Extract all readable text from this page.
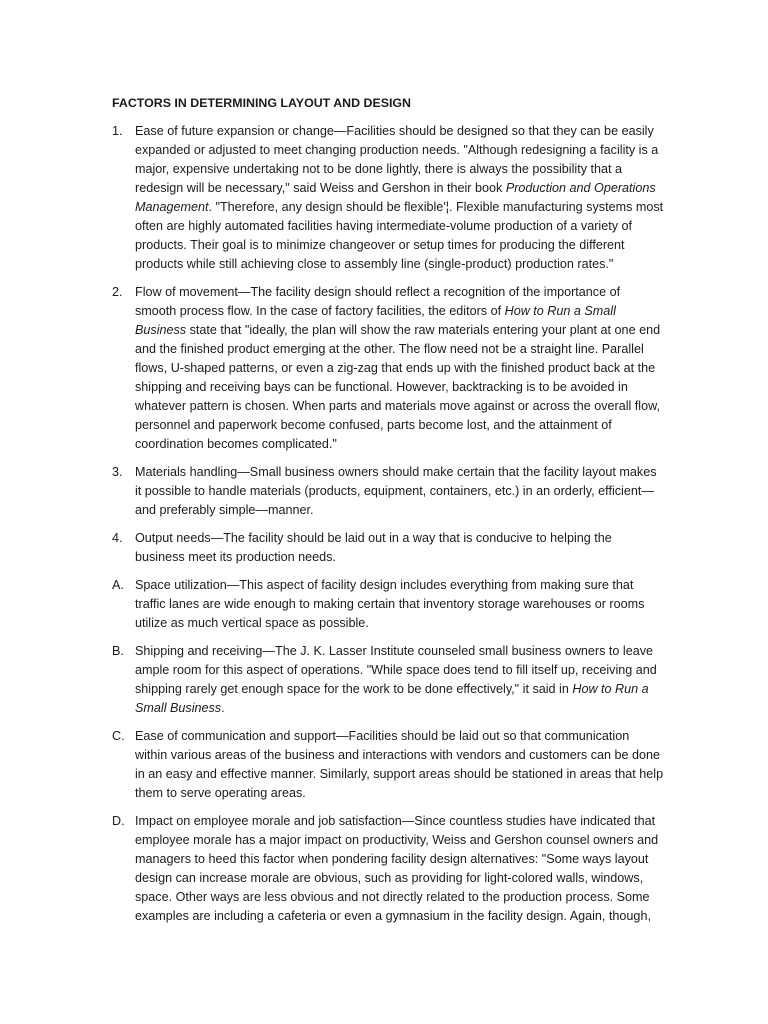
FACTORS IN DETERMINING LAYOUT AND DESIGN
1. Ease of future expansion or change—Facilities should be designed so that they can be easily expanded or adjusted to meet changing production needs. "Although redesigning a facility is a major, expensive undertaking not to be done lightly, there is always the possibility that a redesign will be necessary," said Weiss and Gershon in their book Production and Operations Management. "Therefore, any design should be flexible'¦. Flexible manufacturing systems most often are highly automated facilities having intermediate-volume production of a variety of products. Their goal is to minimize changeover or setup times for producing the different products while still achieving close to assembly line (single-product) production rates."
2. Flow of movement—The facility design should reflect a recognition of the importance of smooth process flow. In the case of factory facilities, the editors of How to Run a Small Business state that "ideally, the plan will show the raw materials entering your plant at one end and the finished product emerging at the other. The flow need not be a straight line. Parallel flows, U-shaped patterns, or even a zig-zag that ends up with the finished product back at the shipping and receiving bays can be functional. However, backtracking is to be avoided in whatever pattern is chosen. When parts and materials move against or across the overall flow, personnel and paperwork become confused, parts become lost, and the attainment of coordination becomes complicated."
3. Materials handling—Small business owners should make certain that the facility layout makes it possible to handle materials (products, equipment, containers, etc.) in an orderly, efficient—and preferably simple—manner.
4. Output needs—The facility should be laid out in a way that is conducive to helping the business meet its production needs.
A. Space utilization—This aspect of facility design includes everything from making sure that traffic lanes are wide enough to making certain that inventory storage warehouses or rooms utilize as much vertical space as possible.
B. Shipping and receiving—The J. K. Lasser Institute counseled small business owners to leave ample room for this aspect of operations. "While space does tend to fill itself up, receiving and shipping rarely get enough space for the work to be done effectively," it said in How to Run a Small Business.
C. Ease of communication and support—Facilities should be laid out so that communication within various areas of the business and interactions with vendors and customers can be done in an easy and effective manner. Similarly, support areas should be stationed in areas that help them to serve operating areas.
D. Impact on employee morale and job satisfaction—Since countless studies have indicated that employee morale has a major impact on productivity, Weiss and Gershon counsel owners and managers to heed this factor when pondering facility design alternatives: "Some ways layout design can increase morale are obvious, such as providing for light-colored walls, windows, space. Other ways are less obvious and not directly related to the production process. Some examples are including a cafeteria or even a gymnasium in the facility design. Again, though,
